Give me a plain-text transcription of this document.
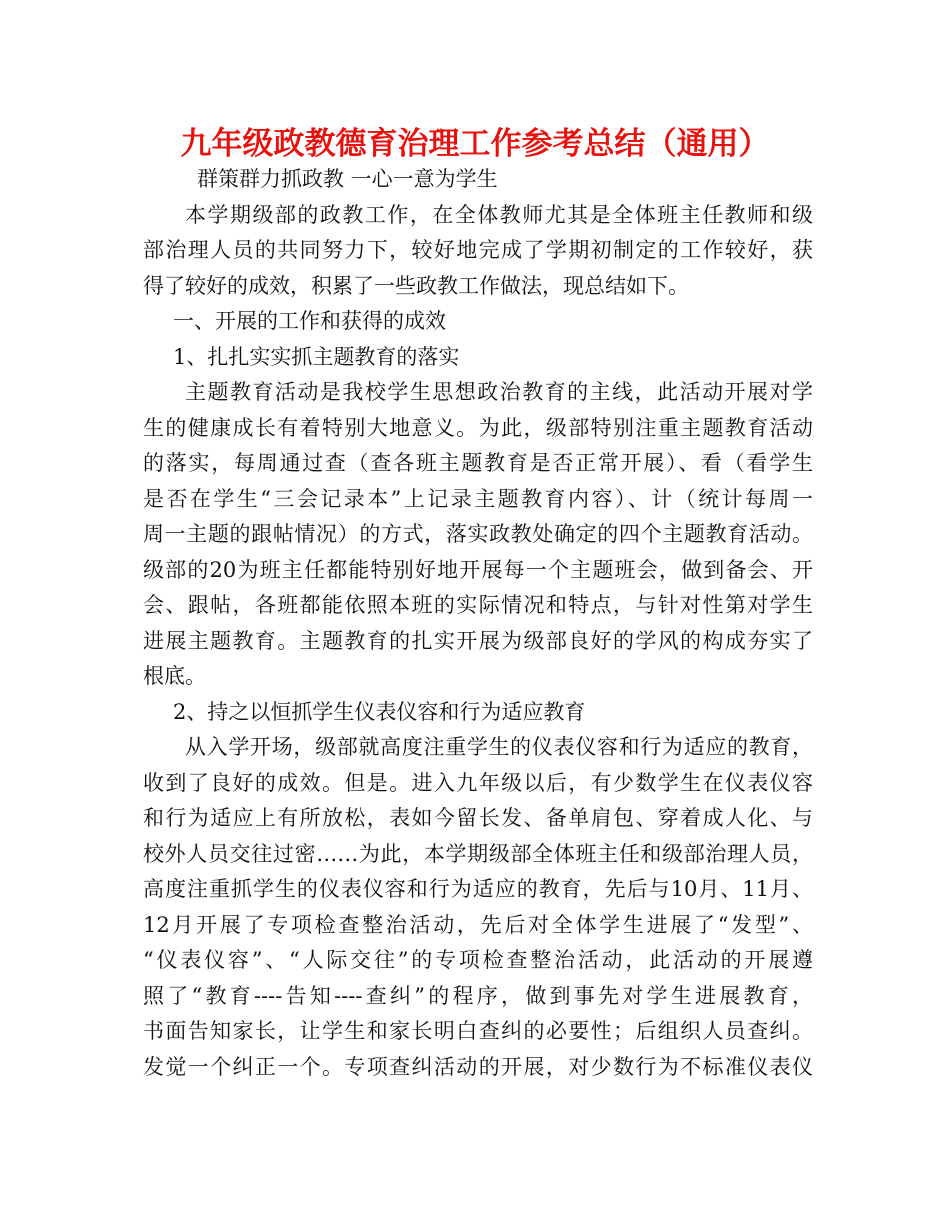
九年级政教德育治理工作参考总结（通用）
群策群力抓政教 一心一意为学生
本学期级部的政教工作，在全体教师尤其是全体班主任教师和级
部治理人员的共同努力下，较好地完成了学期初制定的工作较好，获
得了较好的成效，积累了一些政教工作做法，现总结如下。
一、开展的工作和获得的成效
1、扎扎实实抓主题教育的落实
主题教育活动是我校学生思想政治教育的主线，此活动开展对学
生的健康成长有着特别大地意义。为此，级部特别注重主题教育活动
的落实，每周通过查（查各班主题教育是否正常开展）、看（看学生
是否在学生“三会记录本”上记录主题教育内容）、计（统计每周一
周一主题的跟帖情况）的方式，落实政教处确定的四个主题教育活动。
级部的20为班主任都能特别好地开展每一个主题班会，做到备会、开
会、跟帖，各班都能依照本班的实际情况和特点，与针对性第对学生
进展主题教育。主题教育的扎实开展为级部良好的学风的构成夯实了
根底。
2、持之以恒抓学生仪表仪容和行为适应教育
从入学开场，级部就高度注重学生的仪表仪容和行为适应的教育，
收到了良好的成效。但是。进入九年级以后，有少数学生在仪表仪容
和行为适应上有所放松，表如今留长发、备单肩包、穿着成人化、与
校外人员交往过密……为此，本学期级部全体班主任和级部治理人员，
高度注重抓学生的仪表仪容和行为适应的教育，先后与10月、11月、
12月开展了专项检查整治活动，先后对全体学生进展了“发型”、
“仪表仪容”、“人际交往”的专项检查整治活动，此活动的开展遵
照了“教育----告知----查纠”的程序，做到事先对学生进展教育，
书面告知家长，让学生和家长明白查纠的必要性；后组织人员查纠。
发觉一个纠正一个。专项查纠活动的开展，对少数行为不标准仪表仪
